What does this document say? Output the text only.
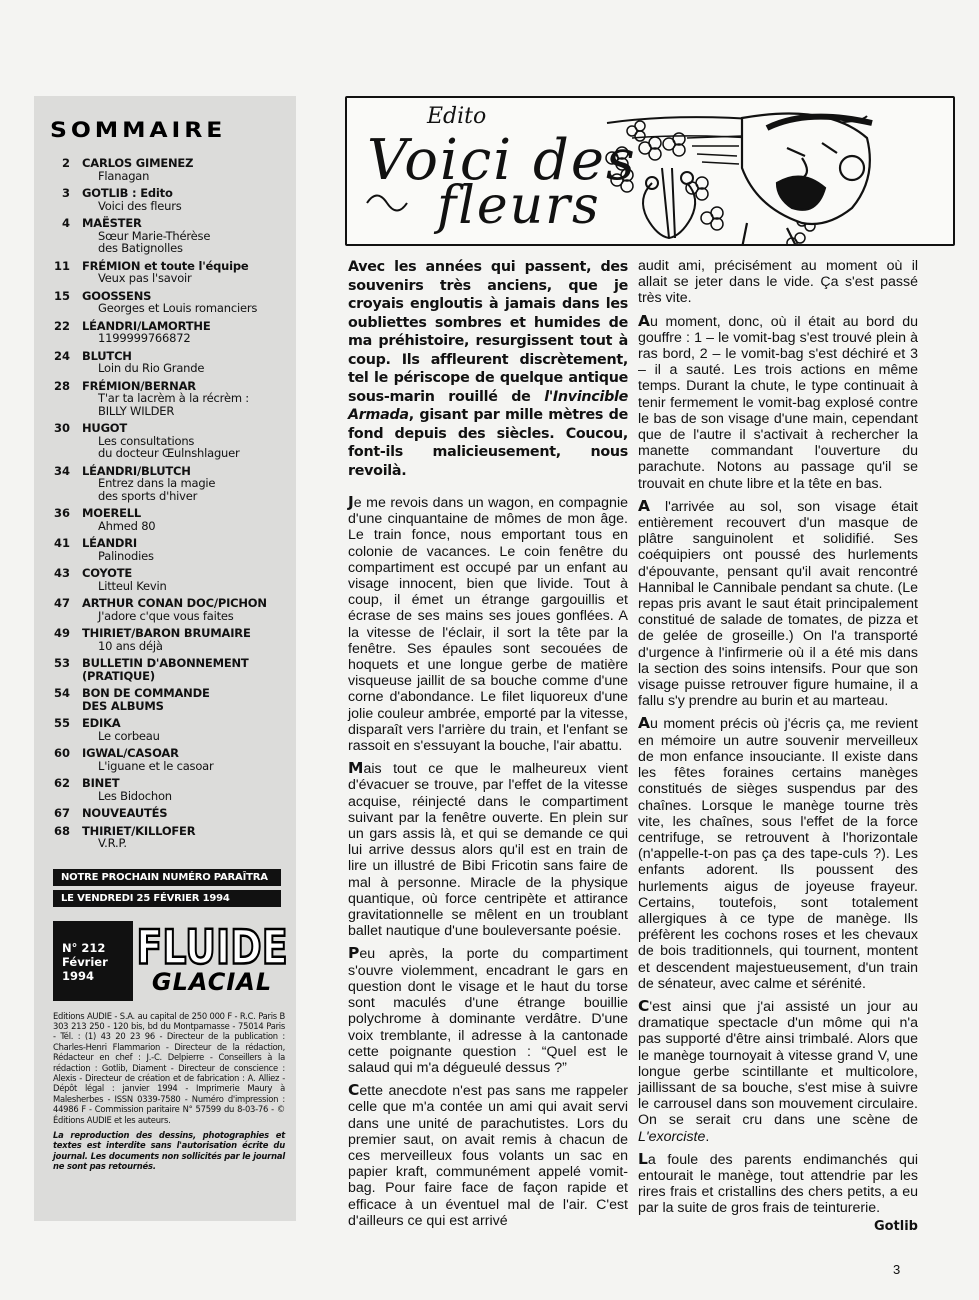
SOMMAIRE
2	CARLOS GIMENEZ
Flanagan
3	GOTLIB : Edito
Voici des fleurs
4	MAËSTER
Sœur Marie-Thérèse
des Batignolles
11	FRÉMION et toute l'équipe
Veux pas l'savoir
15	GOOSSENS
Georges et Louis romanciers
22	LÉANDRI/LAMORTHE
1199999766872
24	BLUTCH
Loin du Rio Grande
28	FRÉMION/BERNAR
T'ar ta lacrèm à la récrèm :
BILLY WILDER
30	HUGOT
Les consultations
du docteur Œulnshlaguer
34	LÉANDRI/BLUTCH
Entrez dans la magie
des sports d'hiver
36	MOERELL
Ahmed 80
41	LÉANDRI
Palinodies
43	COYOTE
Litteul Kevin
47	ARTHUR CONAN DOC/PICHON
J'adore c'que vous faites
49	THIRIET/BARON BRUMAIRE
10 ans déjà
53	BULLETIN D'ABONNEMENT
(PRATIQUE)
54	BON DE COMMANDE
DES ALBUMS
55	EDIKA
Le corbeau
60	IGWAL/CASOAR
L'iguane et le casoar
62	BINET
Les Bidochon
67	NOUVEAUTÉS
68	THIRIET/KILLOFER
V.R.P.
NOTRE PROCHAIN NUMÉRO PARAÎTRA
LE VENDREDI 25 FÉVRIER 1994
N° 212
Février
1994
FLUIDE
GLACIAL

Editions AUDIE - S.A. au capital de 250 000 F - R.C. Paris B 303 213 250 - 120 bis, bd du Montparnasse - 75014 Paris - Tél. : (1) 43 20 23 96 - Directeur de la publication : Charles-Henri Flammarion - Directeur de la rédaction, Rédacteur en chef : J.-C. Delpierre - Conseillers à la rédaction : Gotlib, Diament - Directeur de conscience : Alexis - Directeur de création et de fabrication : A. Alliez - Dépôt légal : janvier 1994 - Imprimerie Maury à Malesherbes - ISSN 0339-7580 - Numéro d'impression : 44986 F - Commission paritaire N° 57599 du 8-03-76 - © Éditions AUDIE et les auteurs.

La reproduction des dessins, photographies et textes est interdite sans l'autorisation écrite du journal. Les documents non sollicités par le journal ne sont pas retournés.

Edito
Voici des
fleurs

Avec les années qui passent, des souvenirs très anciens, que je croyais engloutis à jamais dans les oubliettes sombres et humides de ma préhistoire, resurgissent tout à coup. Ils affleurent discrètement, tel le périscope de quelque antique sous-marin rouillé de l'Invincible Armada, gisant par mille mètres de fond depuis des siècles. Coucou, font-ils malicieusement, nous revoilà.

Je me revois dans un wagon, en compagnie d'une cinquantaine de mômes de mon âge. Le train fonce, nous emportant tous en colonie de vacances. Le coin fenêtre du compartiment est occupé par un enfant au visage innocent, bien que livide. Tout à coup, il émet un étrange gargouillis et écrase de ses mains ses joues gonflées. A la vitesse de l'éclair, il sort la tête par la fenêtre. Ses épaules sont secouées de hoquets et une longue gerbe de matière visqueuse jaillit de sa bouche comme d'une corne d'abondance. Le filet liquoreux d'une jolie couleur ambrée, emporté par la vitesse, disparaît vers l'arrière du train, et l'enfant se rassoit en s'essuyant la bouche, l'air abattu.

Mais tout ce que le malheureux vient d'évacuer se trouve, par l'effet de la vitesse acquise, réinjecté dans le compartiment suivant par la fenêtre ouverte. En plein sur un gars assis là, et qui se demande ce qui lui arrive dessus alors qu'il est en train de lire un illustré de Bibi Fricotin sans faire de mal à personne. Miracle de la physique quantique, où force centripète et attirance gravitationnelle se mêlent en un troublant ballet nautique d'une bouleversante poésie.

Peu après, la porte du compartiment s'ouvre violemment, encadrant le gars en question dont le visage et le haut du torse sont maculés d'une étrange bouillie polychrome à dominante verdâtre. D'une voix tremblante, il adresse à la cantonade cette poignante question : “Quel est le salaud qui m'a dégueulé dessus ?”

Cette anecdote n'est pas sans me rappeler celle que m'a contée un ami qui avait servi dans une unité de parachutistes. Lors du premier saut, on avait remis à chacun de ces merveilleux fous volants un sac en papier kraft, communément appelé vomit-bag. Pour faire face de façon rapide et efficace à un éventuel mal de l'air. C'est d'ailleurs ce qui est arrivé

audit ami, précisément au moment où il allait se jeter dans le vide. Ça s'est passé très vite.

Au moment, donc, où il était au bord du gouffre : 1 – le vomit-bag s'est trouvé plein à ras bord, 2 – le vomit-bag s'est déchiré et 3 – il a sauté. Les trois actions en même temps. Durant la chute, le type continuait à tenir fermement le vomit-bag explosé contre le bas de son visage d'une main, cependant que de l'autre il s'activait à rechercher la manette commandant l'ouverture du parachute. Notons au passage qu'il se trouvait en chute libre et la tête en bas.

A l'arrivée au sol, son visage était entièrement recouvert d'un masque de plâtre sanguinolent et solidifié. Ses coéquipiers ont poussé des hurlements d'épouvante, pensant qu'il avait rencontré Hannibal le Cannibale pendant sa chute. (Le repas pris avant le saut était principalement constitué de salade de tomates, de pizza et de gelée de groseille.) On l'a transporté d'urgence à l'infirmerie où il a été mis dans la section des soins intensifs. Pour que son visage puisse retrouver figure humaine, il a fallu s'y prendre au burin et au marteau.

Au moment précis où j'écris ça, me revient en mémoire un autre souvenir merveilleux de mon enfance insouciante. Il existe dans les fêtes foraines certains manèges constitués de sièges suspendus par des chaînes. Lorsque le manège tourne très vite, les chaînes, sous l'effet de la force centrifuge, se retrouvent à l'horizontale (n'appelle-t-on pas ça des tape-culs ?). Les enfants adorent. Ils poussent des hurlements aigus de joyeuse frayeur. Certains, toutefois, sont totalement allergiques à ce type de manège. Ils préfèrent les cochons roses et les chevaux de bois traditionnels, qui tournent, montent et descendent majestueusement, d'un train de sénateur, avec calme et sérénité.

C'est ainsi que j'ai assisté un jour au dramatique spectacle d'un môme qui n'a pas supporté d'être ainsi trimbalé. Alors que le manège tournoyait à vitesse grand V, une longue gerbe scintillante et multicolore, jaillissant de sa bouche, s'est mise à suivre le carrousel dans son mouvement circulaire. On se serait cru dans une scène de L'exorciste.

La foule des parents endimanchés qui entourait le manège, tout attendrie par les rires frais et cristallins des chers petits, a eu par la suite de gros frais de teinturerie.

Gotlib
3
